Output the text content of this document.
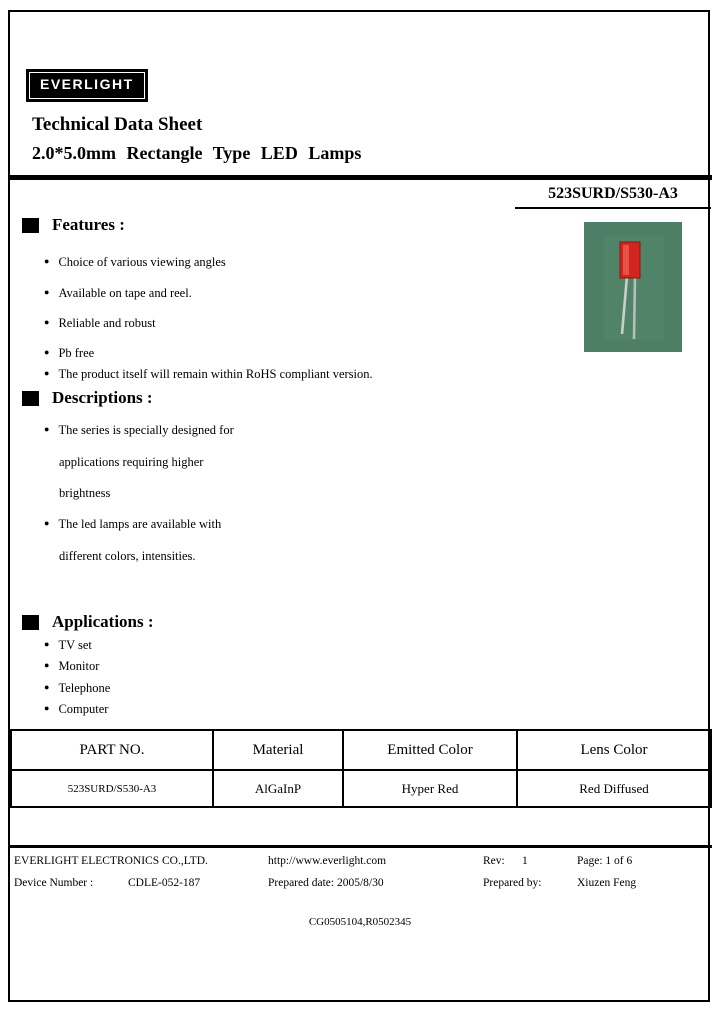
EVERLIGHT
Technical Data Sheet
2.0*5.0mm Rectangle Type LED Lamps
523SURD/S530-A3
Features :
● Choice of various viewing angles
● Available on tape and reel.
● Reliable and robust
● Pb free
● The product itself will remain within RoHS compliant version.
Descriptions :
● The series is specially designed for
applications requiring higher
brightness
● The led lamps are available with
different colors, intensities.
Applications :
● TV set
● Monitor
● Telephone
● Computer
PART NO.	Material	Emitted Color	Lens Color
523SURD/S530-A3	AlGaInP	Hyper Red	Red Diffused
EVERLIGHT ELECTRONICS CO.,LTD.	http://www.everlight.com	Rev: 1	Page: 1 of 6
Device Number :	CDLE-052-187	Prepared date: 2005/8/30	Prepared by:	Xiuzen Feng
CG0505104,R0502345
